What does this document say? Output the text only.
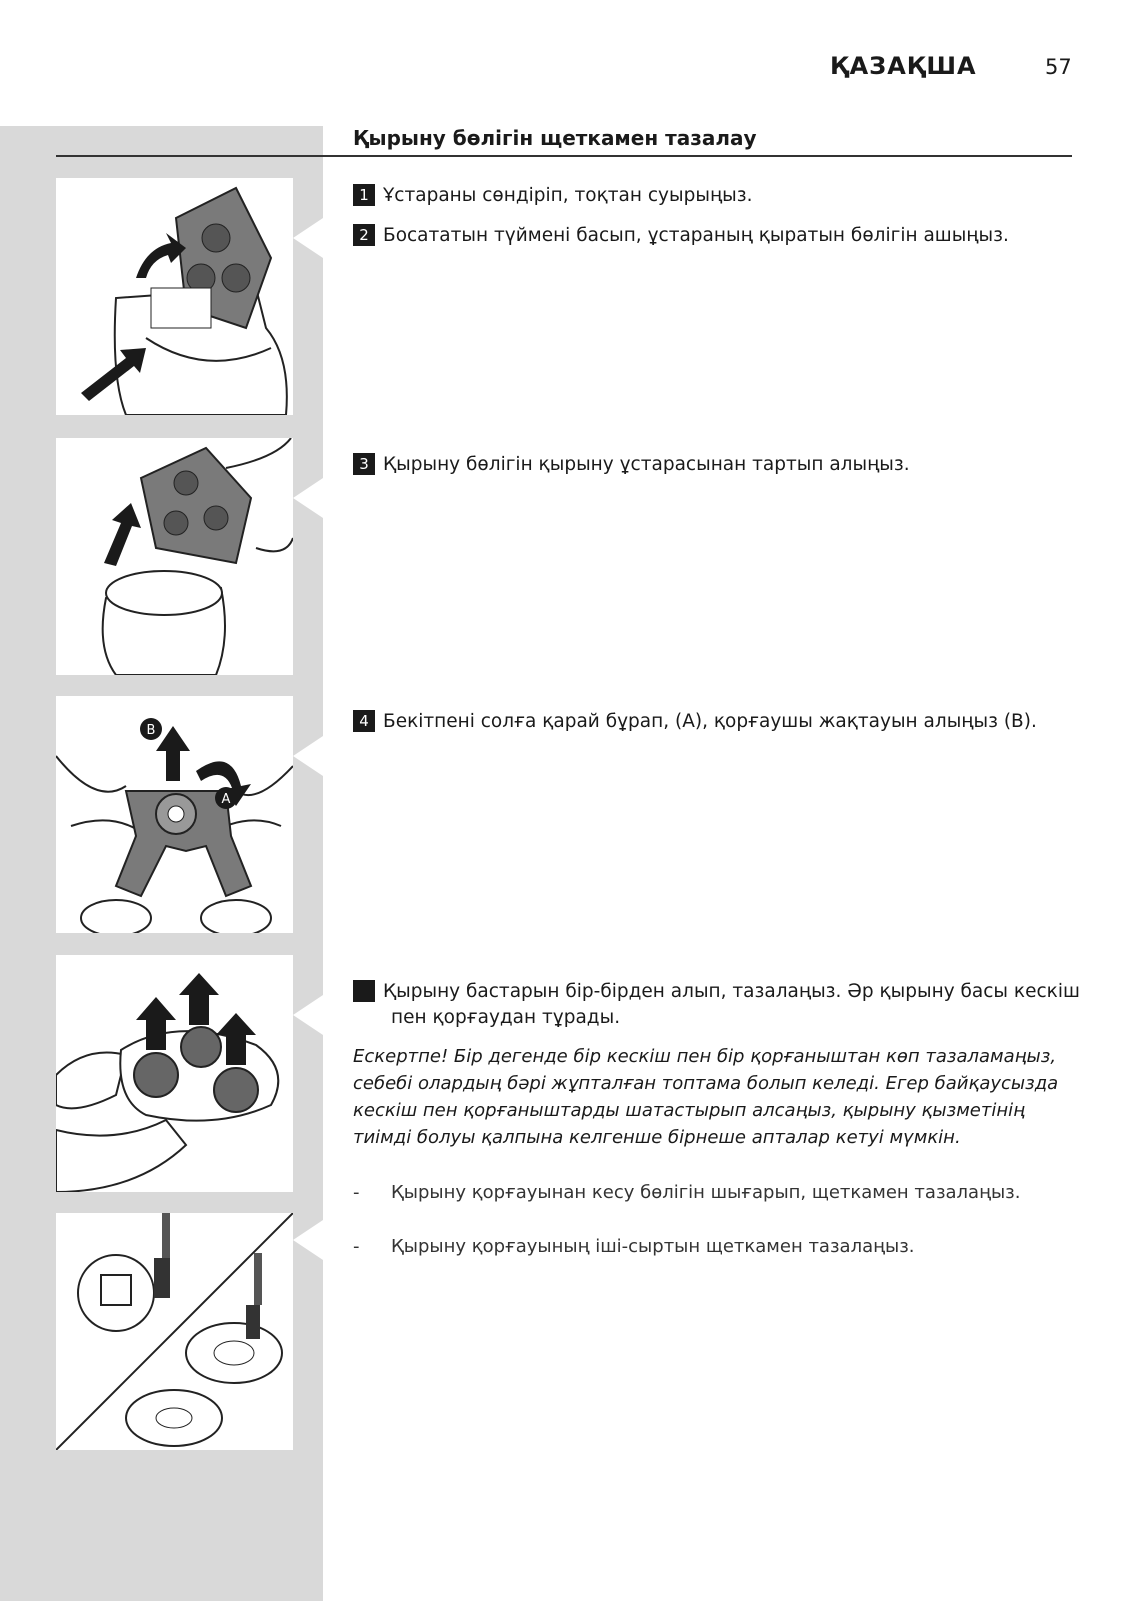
ҚАЗАҚША	57
Қырыну бөлігін щеткамен тазалау
B
A
1 Ұстараны сөндіріп, тоқтан суырыңыз.
2 Босататын түймені басып, ұстараның қыратын бөлігін ашыңыз.
3 Қырыну бөлігін қырыну ұстарасынан тартып алыңыз.
4 Бекітпені солға қарай бұрап, (A), қорғаушы жақтауын алыңыз (B).
5 Қырыну бастарын бір-бірден алып, тазалаңыз. Әр қырыну басы кескіш пен қорғаудан тұрады.
Ескертпе! Бір дегенде бір кескіш пен бір қорғаныштан көп тазаламаңыз, себебі олардың бәрі жұпталған топтама болып келеді. Егер байқаусызда кескіш пен қорғаныштарды шатастырып алсаңыз, қырыну қызметінің тиімді болуы қалпына келгенше бірнеше апталар кетуі мүмкін.
- Қырыну қорғауынан кесу бөлігін шығарып, щеткамен тазалаңыз.
- Қырыну қорғауының іші-сыртын щеткамен тазалаңыз.
